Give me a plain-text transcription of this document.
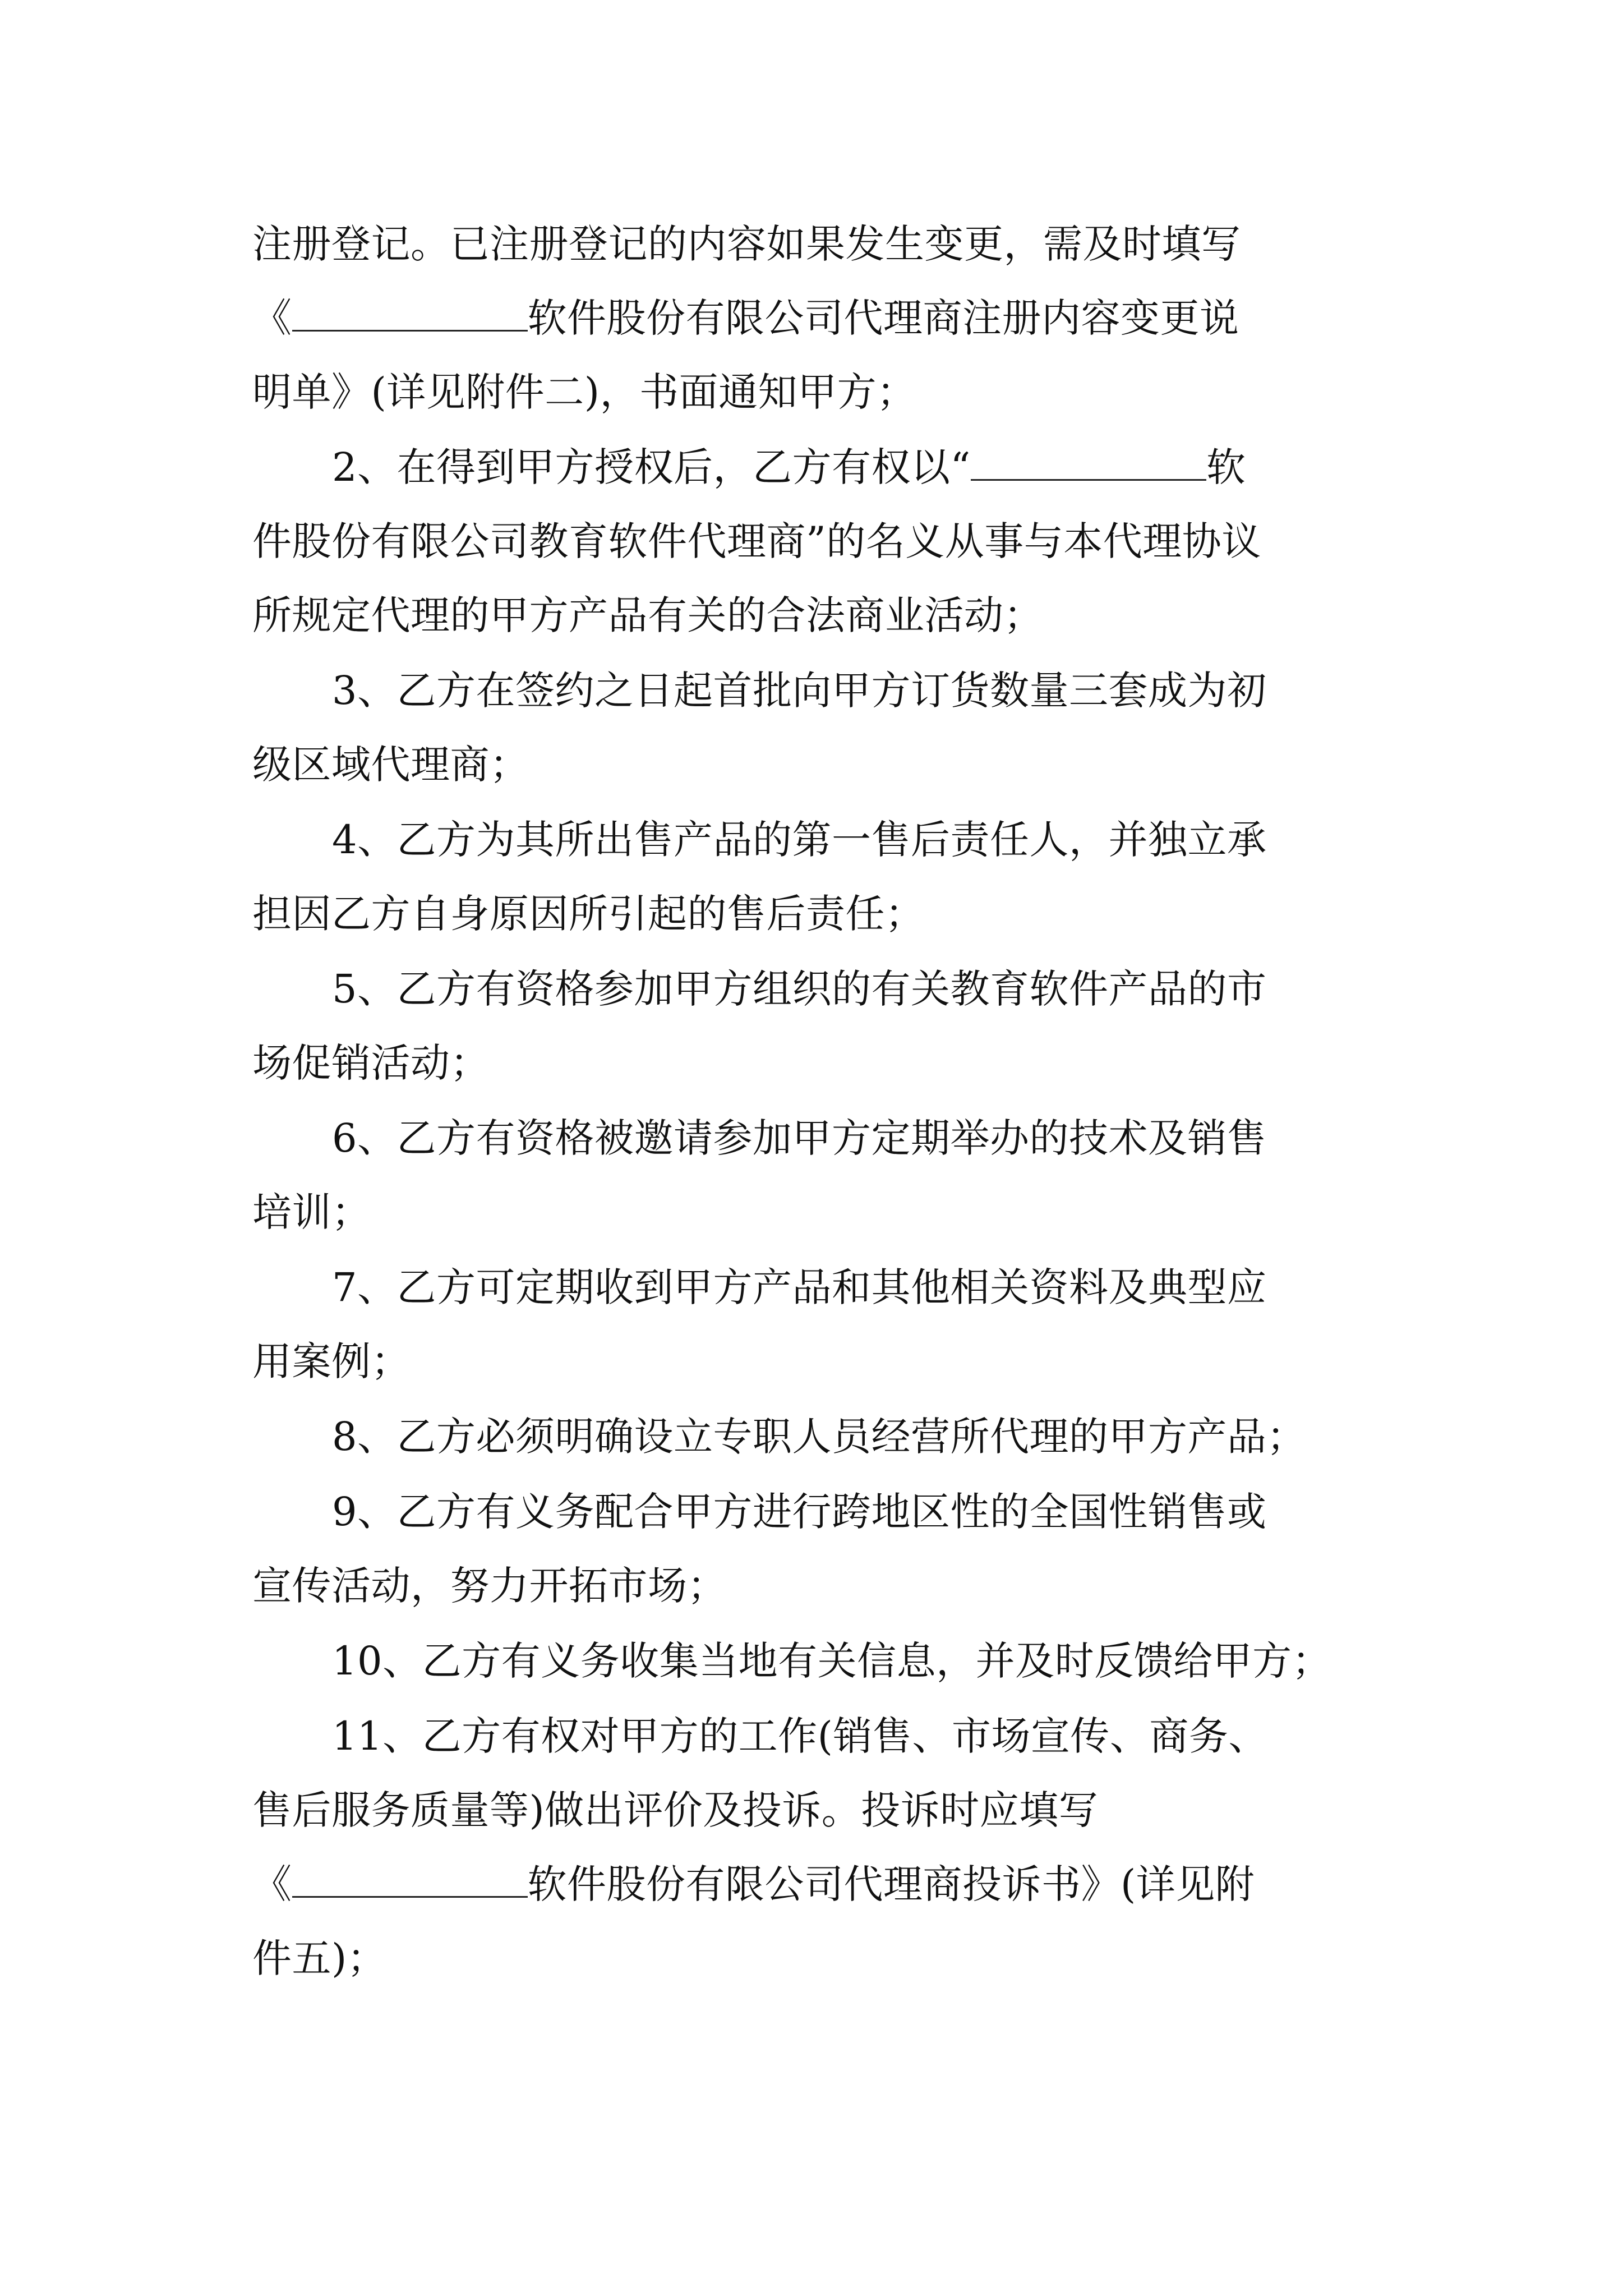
注册登记。已注册登记的内容如果发生变更，需及时填写
《	软件股份有限公司代理商注册内容变更说
明单》(详见附件二)，书面通知甲方；
2、在得到甲方授权后，乙方有权以“	软
件股份有限公司教育软件代理商”的名义从事与本代理协议
所规定代理的甲方产品有关的合法商业活动；
3、乙方在签约之日起首批向甲方订货数量三套成为初
级区域代理商；
4、乙方为其所出售产品的第一售后责任人，并独立承
担因乙方自身原因所引起的售后责任；
5、乙方有资格参加甲方组织的有关教育软件产品的市
场促销活动；
6、乙方有资格被邀请参加甲方定期举办的技术及销售
培训；
7、乙方可定期收到甲方产品和其他相关资料及典型应
用案例；
8、乙方必须明确设立专职人员经营所代理的甲方产品；
9、乙方有义务配合甲方进行跨地区性的全国性销售或
宣传活动，努力开拓市场；
10、乙方有义务收集当地有关信息，并及时反馈给甲方；
11、乙方有权对甲方的工作(销售、市场宣传、商务、
售后服务质量等)做出评价及投诉。投诉时应填写
《	软件股份有限公司代理商投诉书》(详见附
件五)；
